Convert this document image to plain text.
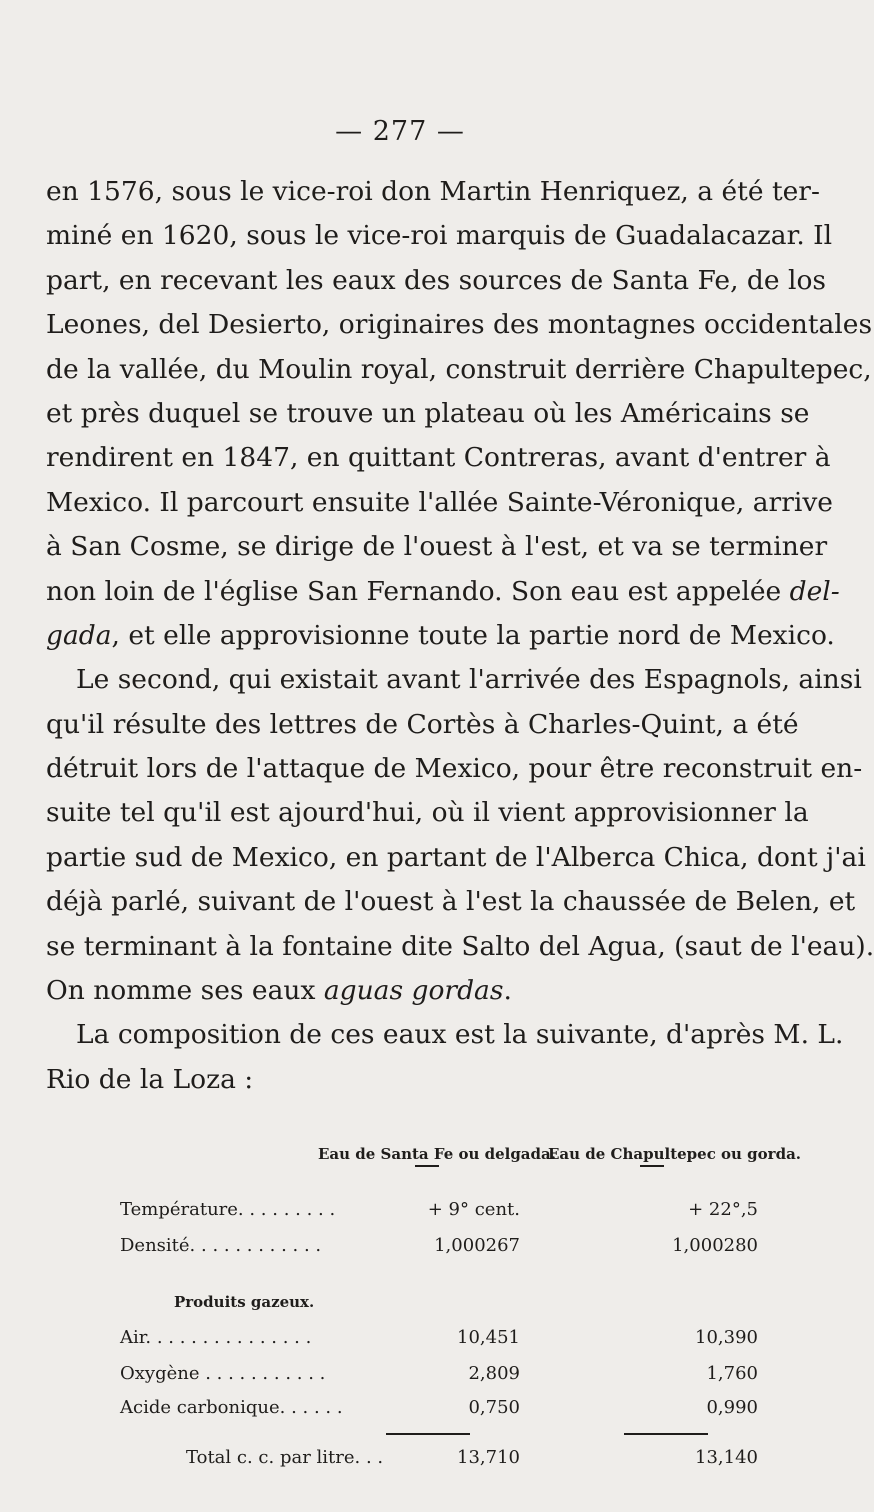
— 277 —
en 1576, sous le vice-roi don Martin Henriquez, a été ter-
miné en 1620, sous le vice-roi marquis de Guadalacazar. Il
part, en recevant les eaux des sources de Santa Fe, de los
Leones, del Desierto, originaires des montagnes occidentales
de la vallée, du Moulin royal, construit derrière Chapultepec,
et près duquel se trouve un plateau où les Américains se
rendirent en 1847, en quittant Contreras, avant d'entrer à
Mexico. Il parcourt ensuite l'allée Sainte-Véronique, arrive
à San Cosme, se dirige de l'ouest à l'est, et va se terminer
non loin de l'église San Fernando. Son eau est appelée del-
gada, et elle approvisionne toute la partie nord de Mexico.
Le second, qui existait avant l'arrivée des Espagnols, ainsi
qu'il résulte des lettres de Cortès à Charles-Quint, a été
détruit lors de l'attaque de Mexico, pour être reconstruit en-
suite tel qu'il est ajourd'hui, où il vient approvisionner la
partie sud de Mexico, en partant de l'Alberca Chica, dont j'ai
déjà parlé, suivant de l'ouest à l'est la chaussée de Belen, et
se terminant à la fontaine dite Salto del Agua, (saut de l'eau).
On nomme ses eaux aguas gordas.
La composition de ces eaux est la suivante, d'après M. L.
Rio de la Loza :
Eau de Santa Fe ou delgada.
Eau de Chapultepec ou gorda.
Température. . . . . . . . .	+ 9° cent.	+ 22°,5
Densité. . . . . . . . . . . .	1,000267	1,000280
Produits gazeux.
Air. . . . . . . . . . . . . . .	10,451	10,390
Oxygène . . . . . . . . . . .	2,809	1,760
Acide carbonique. . . . . .	0,750	0,990
Total c. c. par litre. . .	13,710	13,140
